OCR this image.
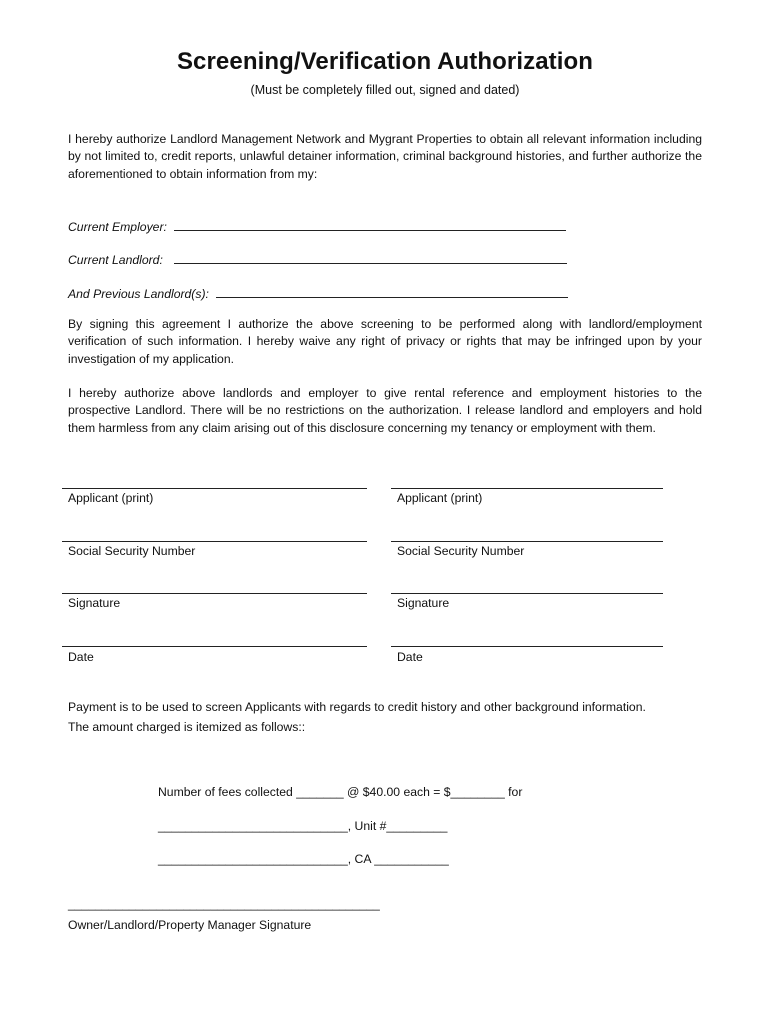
Screening/Verification Authorization
(Must be completely filled out, signed and dated)
I hereby authorize Landlord Management Network and Mygrant Properties to obtain all relevant information including by not limited to, credit reports, unlawful detainer information, criminal background histories, and further authorize the aforementioned to obtain information from my:
Current Employer:
Current Landlord:
And Previous Landlord(s):
By signing this agreement I authorize the above screening to be performed along with landlord/employment verification of such information. I hereby waive any right of privacy or rights that may be infringed upon by your investigation of my application.
I hereby authorize above landlords and employer to give rental reference and employment histories to the prospective Landlord. There will be no restrictions on the authorization. I release landlord and employers and hold them harmless from any claim arising out of this disclosure concerning my tenancy or employment with them.
Applicant (print)
Social Security Number
Signature
Date
Applicant (print)
Social Security Number
Signature
Date
Payment is to be used to screen Applicants with regards to credit history and other background information.
The amount charged is itemized as follows::
Number of fees collected _______ @ $40.00 each = $________ for
____________________________, Unit #_________
____________________________, CA ___________
______________________________________________
Owner/Landlord/Property Manager Signature
